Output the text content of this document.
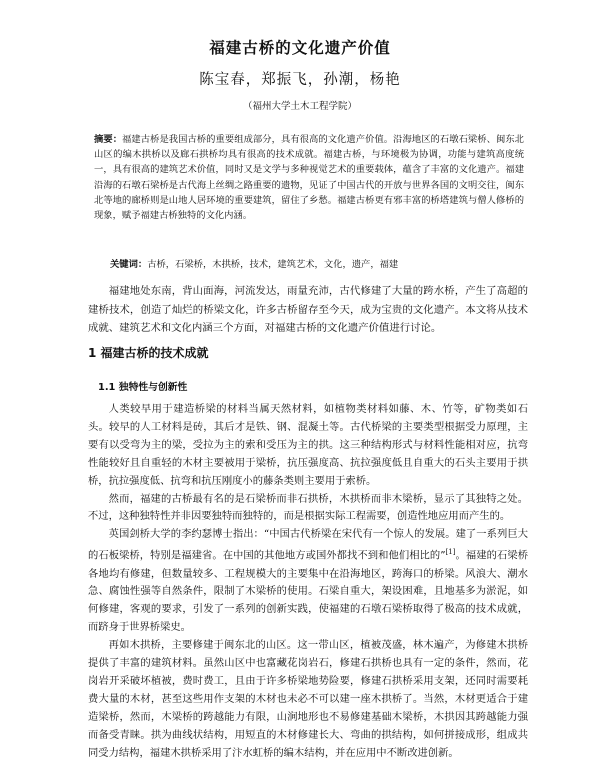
福建古桥的文化遗产价值
陈宝春，郑振飞，孙潮，杨艳
（福州大学土木工程学院）
摘要：福建古桥是我国古桥的重要组成部分，具有很高的文化遗产价值。沿海地区的石墩石梁桥、闽东北山区的编木拱桥以及廊石拱桥均具有很高的技术成就。福建古桥，与环境极为协调，功能与建筑高度统一，具有很高的建筑艺术价值，同时又是文学与多种视觉艺术的重要载体，蕴含了丰富的文化遗产。福建沿海的石墩石梁桥是古代海上丝绸之路重要的遗物，见证了中国古代的开放与世界各国的文明交往，闽东北等地的廊桥则是山地人居环境的重要建筑，留住了乡愁。福建古桥更有邪丰富的桥塔建筑与僧人修桥的现象，赋予福建古桥独特的文化内涵。
关键词：古桥，石梁桥，木拱桥，技术，建筑艺术，文化，遗产，福建

福建地处东南，背山面海，河流发达，雨量充沛，古代修建了大量的跨水桥，产生了高超的建桥技术，创造了灿烂的桥梁文化，许多古桥留存至今天，成为宝贵的文化遗产。本文将从技术成就、建筑艺术和文化内涵三个方面，对福建古桥的文化遗产价值进行讨论。

1 福建古桥的技术成就
1.1 独特性与创新性

人类较早用于建造桥梁的材料当属天然材料，如植物类材料如藤、木、竹等，矿物类如石头。较早的人工材料是砖，其后才是铁、钢、混凝土等。古代桥梁的主要类型根据受力原理，主要有以受弯为主的梁，受拉为主的索和受压为主的拱。这三种结构形式与材料性能相对应，抗弯性能较好且自重轻的木材主要被用于梁桥，抗压强度高、抗拉强度低且自重大的石头主要用于拱桥，抗拉强度低、抗弯和抗压刚度小的藤条类则主要用于索桥。

然而，福建的古桥最有名的是石梁桥而非石拱桥，木拱桥而非木梁桥，显示了其独特之处。不过，这种独特性并非因要独特而独特的，而是根据实际工程需要，创造性地应用而产生的。

英国剑桥大学的李约瑟博士指出：“中国古代桥梁在宋代有一个惊人的发展。建了一系列巨大的石板梁桥，特别是福建省。在中国的其他地方或国外都找不到和他们相比的”[1]。福建的石梁桥各地均有修建，但数量较多、工程规模大的主要集中在沿海地区，跨海口的桥梁。风浪大、潮水急、腐蚀性强等自然条件，限制了木梁桥的使用。石梁自重大，架设困难，且地基多为淤泥，如何修建，客观的要求，引发了一系列的创新实践，使福建的石墩石梁桥取得了极高的技术成就，而跻身于世界桥梁史。

再如木拱桥，主要修建于闽东北的山区。这一带山区，植被茂盛，林木遍产，为修建木拱桥提供了丰富的建筑材料。虽然山区中也富藏花岗岩石，修建石拱桥也具有一定的条件，然而，花岗岩开采破坏植被，费时费工，且由于许多桥梁地势险要，修建石拱桥采用支架，还同时需要耗费大量的木材，甚至这些用作支架的木材也未必不可以建一座木拱桥了。当然，木材更适合于建造梁桥，然而，木梁桥的跨越能力有限，山涧地形也不易修建基础木梁桥，木拱因其跨越能力强而备受青睐。拱为曲线状结构，用短直的木材修建长大、弯曲的拱结构，如何拼接成形，组成共同受力结构，福建木拱桥采用了汴水虹桥的编木结构，并在应用中不断改进创新。
